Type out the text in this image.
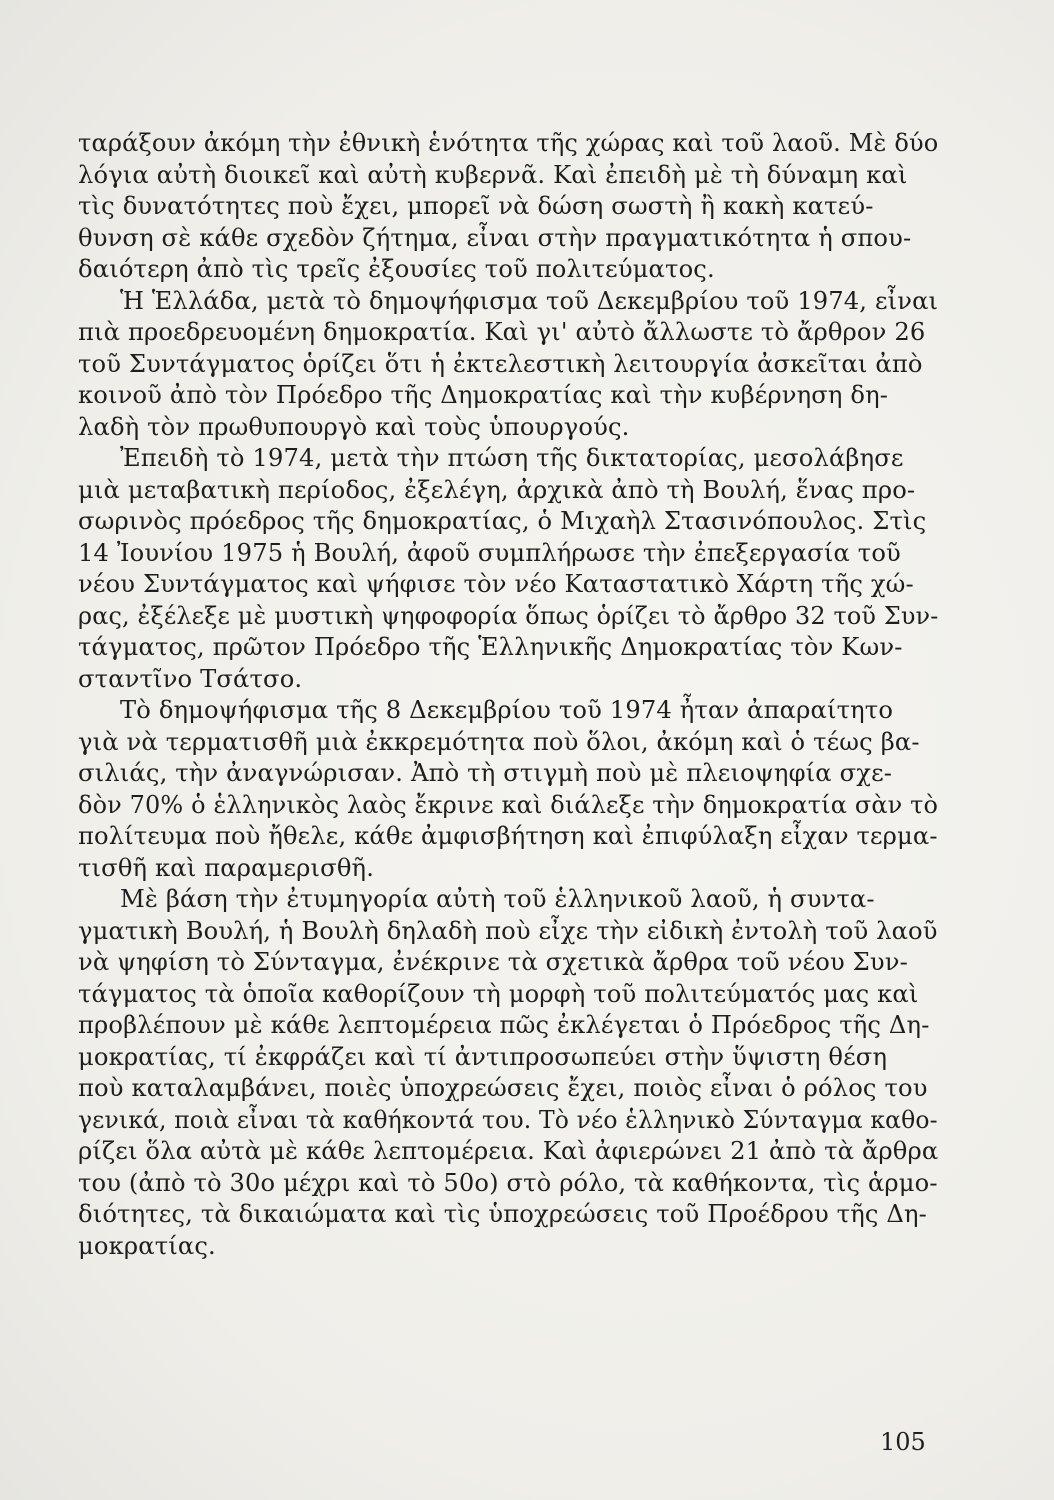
ταράξουν ἀκόμη τὴν ἐθνικὴ ἑνότητα τῆς χώρας καὶ τοῦ λαοῦ. Μὲ δύο
λόγια αὐτὴ διοικεῖ καὶ αὐτὴ κυβερνᾶ. Καὶ ἐπειδὴ μὲ τὴ δύναμη καὶ
τὶς δυνατότητες ποὺ ἔχει, μπορεῖ νὰ δώση σωστὴ ἢ κακὴ κατεύ-
θυνση σὲ κάθε σχεδὸν ζήτημα, εἶναι στὴν πραγματικότητα ἡ σπου-
δαιότερη ἀπὸ τὶς τρεῖς ἐξουσίες τοῦ πολιτεύματος.
Ἡ Ἑλλάδα, μετὰ τὸ δημοψήφισμα τοῦ Δεκεμβρίου τοῦ 1974, εἶναι
πιὰ προεδρευομένη δημοκρατία. Καὶ γι' αὐτὸ ἄλλωστε τὸ ἄρθρον 26
τοῦ Συντάγματος ὁρίζει ὅτι ἡ ἐκτελεστικὴ λειτουργία ἀσκεῖται ἀπὸ
κοινοῦ ἀπὸ τὸν Πρόεδρο τῆς Δημοκρατίας καὶ τὴν κυβέρνηση δη-
λαδὴ τὸν πρωθυπουργὸ καὶ τοὺς ὑπουργούς.
Ἐπειδὴ τὸ 1974, μετὰ τὴν πτώση τῆς δικτατορίας, μεσολάβησε
μιὰ μεταβατικὴ περίοδος, ἐξελέγη, ἀρχικὰ ἀπὸ τὴ Βουλή, ἕνας προ-
σωρινὸς πρόεδρος τῆς δημοκρατίας, ὁ Μιχαὴλ Στασινόπουλος. Στὶς
14 Ἰουνίου 1975 ἡ Βουλή, ἀφοῦ συμπλήρωσε τὴν ἐπεξεργασία τοῦ
νέου Συντάγματος καὶ ψήφισε τὸν νέο Καταστατικὸ Χάρτη τῆς χώ-
ρας, ἐξέλεξε μὲ μυστικὴ ψηφοφορία ὅπως ὁρίζει τὸ ἄρθρο 32 τοῦ Συν-
τάγματος, πρῶτον Πρόεδρο τῆς Ἑλληνικῆς Δημοκρατίας τὸν Κων-
σταντῖνο Τσάτσο.
Τὸ δημοψήφισμα τῆς 8 Δεκεμβρίου τοῦ 1974 ἦταν ἀπαραίτητο
γιὰ νὰ τερματισθῆ μιὰ ἐκκρεμότητα ποὺ ὅλοι, ἀκόμη καὶ ὁ τέως βα-
σιλιάς, τὴν ἀναγνώρισαν. Ἀπὸ τὴ στιγμὴ ποὺ μὲ πλειοψηφία σχε-
δὸν 70% ὁ ἑλληνικὸς λαὸς ἔκρινε καὶ διάλεξε τὴν δημοκρατία σὰν τὸ
πολίτευμα ποὺ ἤθελε, κάθε ἀμφισβήτηση καὶ ἐπιφύλαξη εἶχαν τερμα-
τισθῆ καὶ παραμερισθῆ.
Μὲ βάση τὴν ἐτυμηγορία αὐτὴ τοῦ ἑλληνικοῦ λαοῦ, ἡ συντα-
γματικὴ Βουλή, ἡ Βουλὴ δηλαδὴ ποὺ εἶχε τὴν εἰδικὴ ἐντολὴ τοῦ λαοῦ
νὰ ψηφίση τὸ Σύνταγμα, ἐνέκρινε τὰ σχετικὰ ἄρθρα τοῦ νέου Συν-
τάγματος τὰ ὁποῖα καθορίζουν τὴ μορφὴ τοῦ πολιτεύματός μας καὶ
προβλέπουν μὲ κάθε λεπτομέρεια πῶς ἐκλέγεται ὁ Πρόεδρος τῆς Δη-
μοκρατίας, τί ἐκφράζει καὶ τί ἀντιπροσωπεύει στὴν ὕψιστη θέση
ποὺ καταλαμβάνει, ποιὲς ὑποχρεώσεις ἔχει, ποιὸς εἶναι ὁ ρόλος του
γενικά, ποιὰ εἶναι τὰ καθήκοντά του. Τὸ νέο ἑλληνικὸ Σύνταγμα καθο-
ρίζει ὅλα αὐτὰ μὲ κάθε λεπτομέρεια. Καὶ ἀφιερώνει 21 ἀπὸ τὰ ἄρθρα
του (ἀπὸ τὸ 30ο μέχρι καὶ τὸ 50ο) στὸ ρόλο, τὰ καθήκοντα, τὶς ἁρμο-
διότητες, τὰ δικαιώματα καὶ τὶς ὑποχρεώσεις τοῦ Προέδρου τῆς Δη-
μοκρατίας.
105
